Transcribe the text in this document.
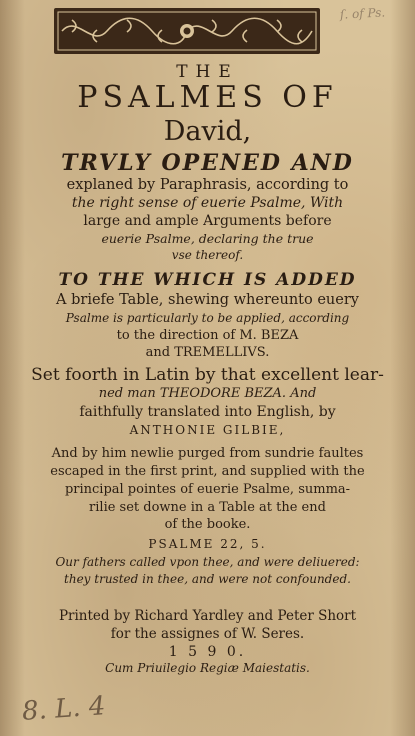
ſ. of Ps.
THE
PSALMES OF
David,
TRVLY OPENED AND
explaned by Paraphrasis, according to
the right sense of euerie Psalme, With
large and ample Arguments before
euerie Psalme, declaring the true
vse thereof.
TO THE WHICH IS ADDED
A briefe Table, shewing whereunto euery
Psalme is particularly to be applied, according
to the direction of M. BEZA
and TREMELLIVS.
Set foorth in Latin by that excellent lear-
ned man THEODORE BEZA. And
faithfully translated into English, by
ANTHONIE GILBIE,
And by him newlie purged from sundrie faultes
escaped in the first print, and supplied with the
principal pointes of euerie Psalme, summa-
rilie set downe in a Table at the end
of the booke.
PSALME 22, 5.
Our fathers called vpon thee, and were deliuered:
they trusted in thee, and were not confounded.
Printed by Richard Yardley and Peter Short
for the assignes of W. Seres.
1 5 9 0.
Cum Priuilegio Regiæ Maiestatis.
8. L. 4
